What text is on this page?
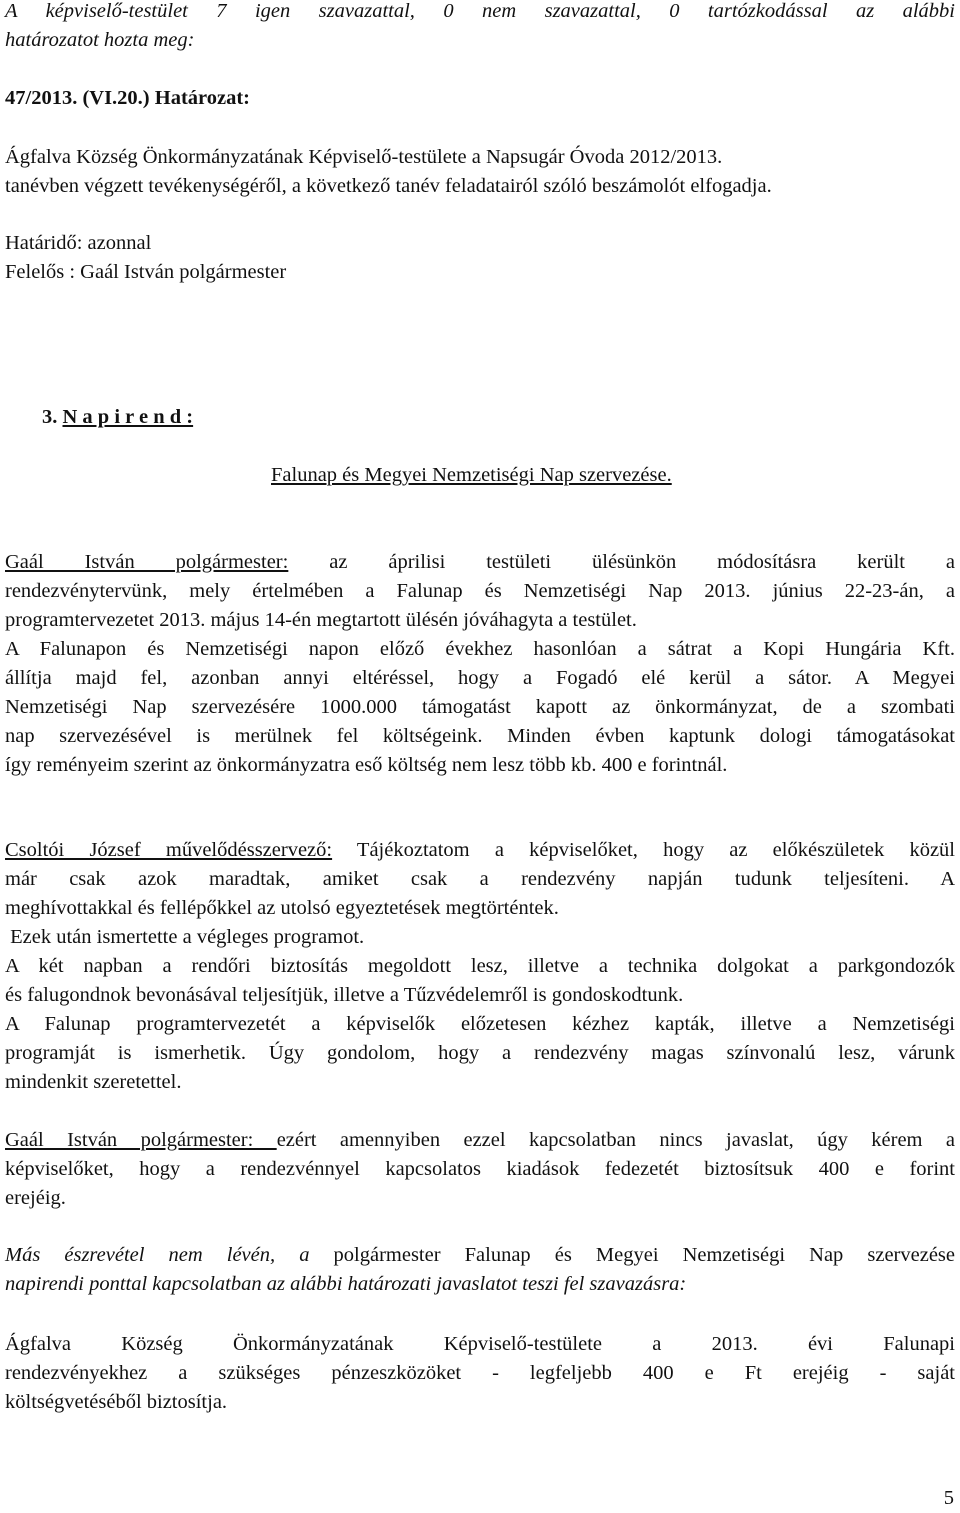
A képviselő-testület 7 igen szavazattal, 0 nem szavazattal, 0 tartózkodással az alábbi
határozatot hozta meg:
47/2013. (VI.20.) Határozat:
Ágfalva Község Önkormányzatának Képviselő-testülete a Napsugár Óvoda 2012/2013.
tanévben végzett tevékenységéről, a következő tanév feladatairól szóló beszámolót elfogadja.
Határidő: azonnal
Felelős : Gaál István polgármester
3. N a p i r e n d :
Falunap és Megyei Nemzetiségi Nap szervezése.
Gaál István polgármester: az áprilisi testületi ülésünkön módosításra került a
rendezvénytervünk, mely értelmében a Falunap és Nemzetiségi Nap 2013. június 22-23-án, a
programtervezetet 2013. május 14-én megtartott ülésén jóváhagyta a testület.
A Falunapon és Nemzetiségi napon előző évekhez hasonlóan a sátrat a Kopi Hungária Kft.
állítja majd fel, azonban annyi eltéréssel, hogy a Fogadó elé kerül a sátor. A Megyei
Nemzetiségi Nap szervezésére 1000.000 támogatást kapott az önkormányzat, de a szombati
nap szervezésével is merülnek fel költségeink. Minden évben kaptunk dologi támogatásokat
így reményeim szerint az önkormányzatra eső költség nem lesz több kb. 400 e forintnál.
Csoltói József művelődésszervező: Tájékoztatom a képviselőket, hogy az előkészületek közül
már csak azok maradtak, amiket csak a rendezvény napján tudunk teljesíteni. A
meghívottakkal és fellépőkkel az utolsó egyeztetések megtörténtek.
Ezek után ismertette a végleges programot.
A két napban a rendőri biztosítás megoldott lesz, illetve a technika dolgokat a parkgondozók
és falugondnok bevonásával teljesítjük, illetve a Tűzvédelemről is gondoskodtunk.
A Falunap programtervezetét a képviselők előzetesen kézhez kapták, illetve a Nemzetiségi
programját is ismerhetik. Úgy gondolom, hogy a rendezvény magas színvonalú lesz, várunk
mindenkit szeretettel.
Gaál István polgármester: ezért amennyiben ezzel kapcsolatban nincs javaslat, úgy kérem a
képviselőket, hogy a rendezvénnyel kapcsolatos kiadások fedezetét biztosítsuk 400 e forint
erejéig.
Más észrevétel nem lévén, a polgármester Falunap és Megyei Nemzetiségi Nap szervezése
napirendi ponttal kapcsolatban az alábbi határozati javaslatot teszi fel szavazásra:
Ágfalva Község Önkormányzatának Képviselő-testülete a 2013. évi Falunapi
rendezvényekhez a szükséges pénzeszközöket - legfeljebb 400 e Ft erejéig - saját
költségvetéséből biztosítja.
5
